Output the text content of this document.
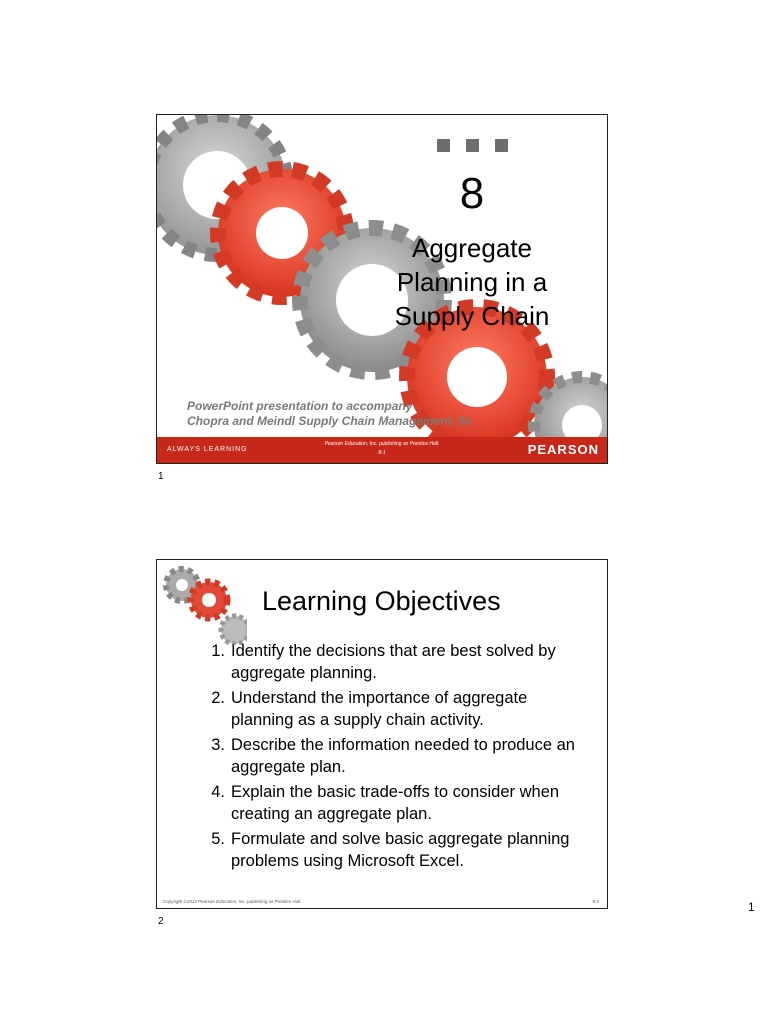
8
Aggregate
Planning in a
Supply Chain
PowerPoint presentation to accompany
Chopra and Meindl Supply Chain Management, 5e
ALWAYS LEARNING
Pearson Education, Inc. publishing as Prentice Hall.
8-1	PEARSON
1
Learning Objectives
1. Identify the decisions that are best solved by aggregate planning.
2. Understand the importance of aggregate planning as a supply chain activity.
3. Describe the information needed to produce an aggregate plan.
4. Explain the basic trade-offs to consider when creating an aggregate plan.
5. Formulate and solve basic aggregate planning problems using Microsoft Excel.
Copyright ©2013 Pearson Education, Inc. publishing as Prentice Hall.	8-2
2
1
